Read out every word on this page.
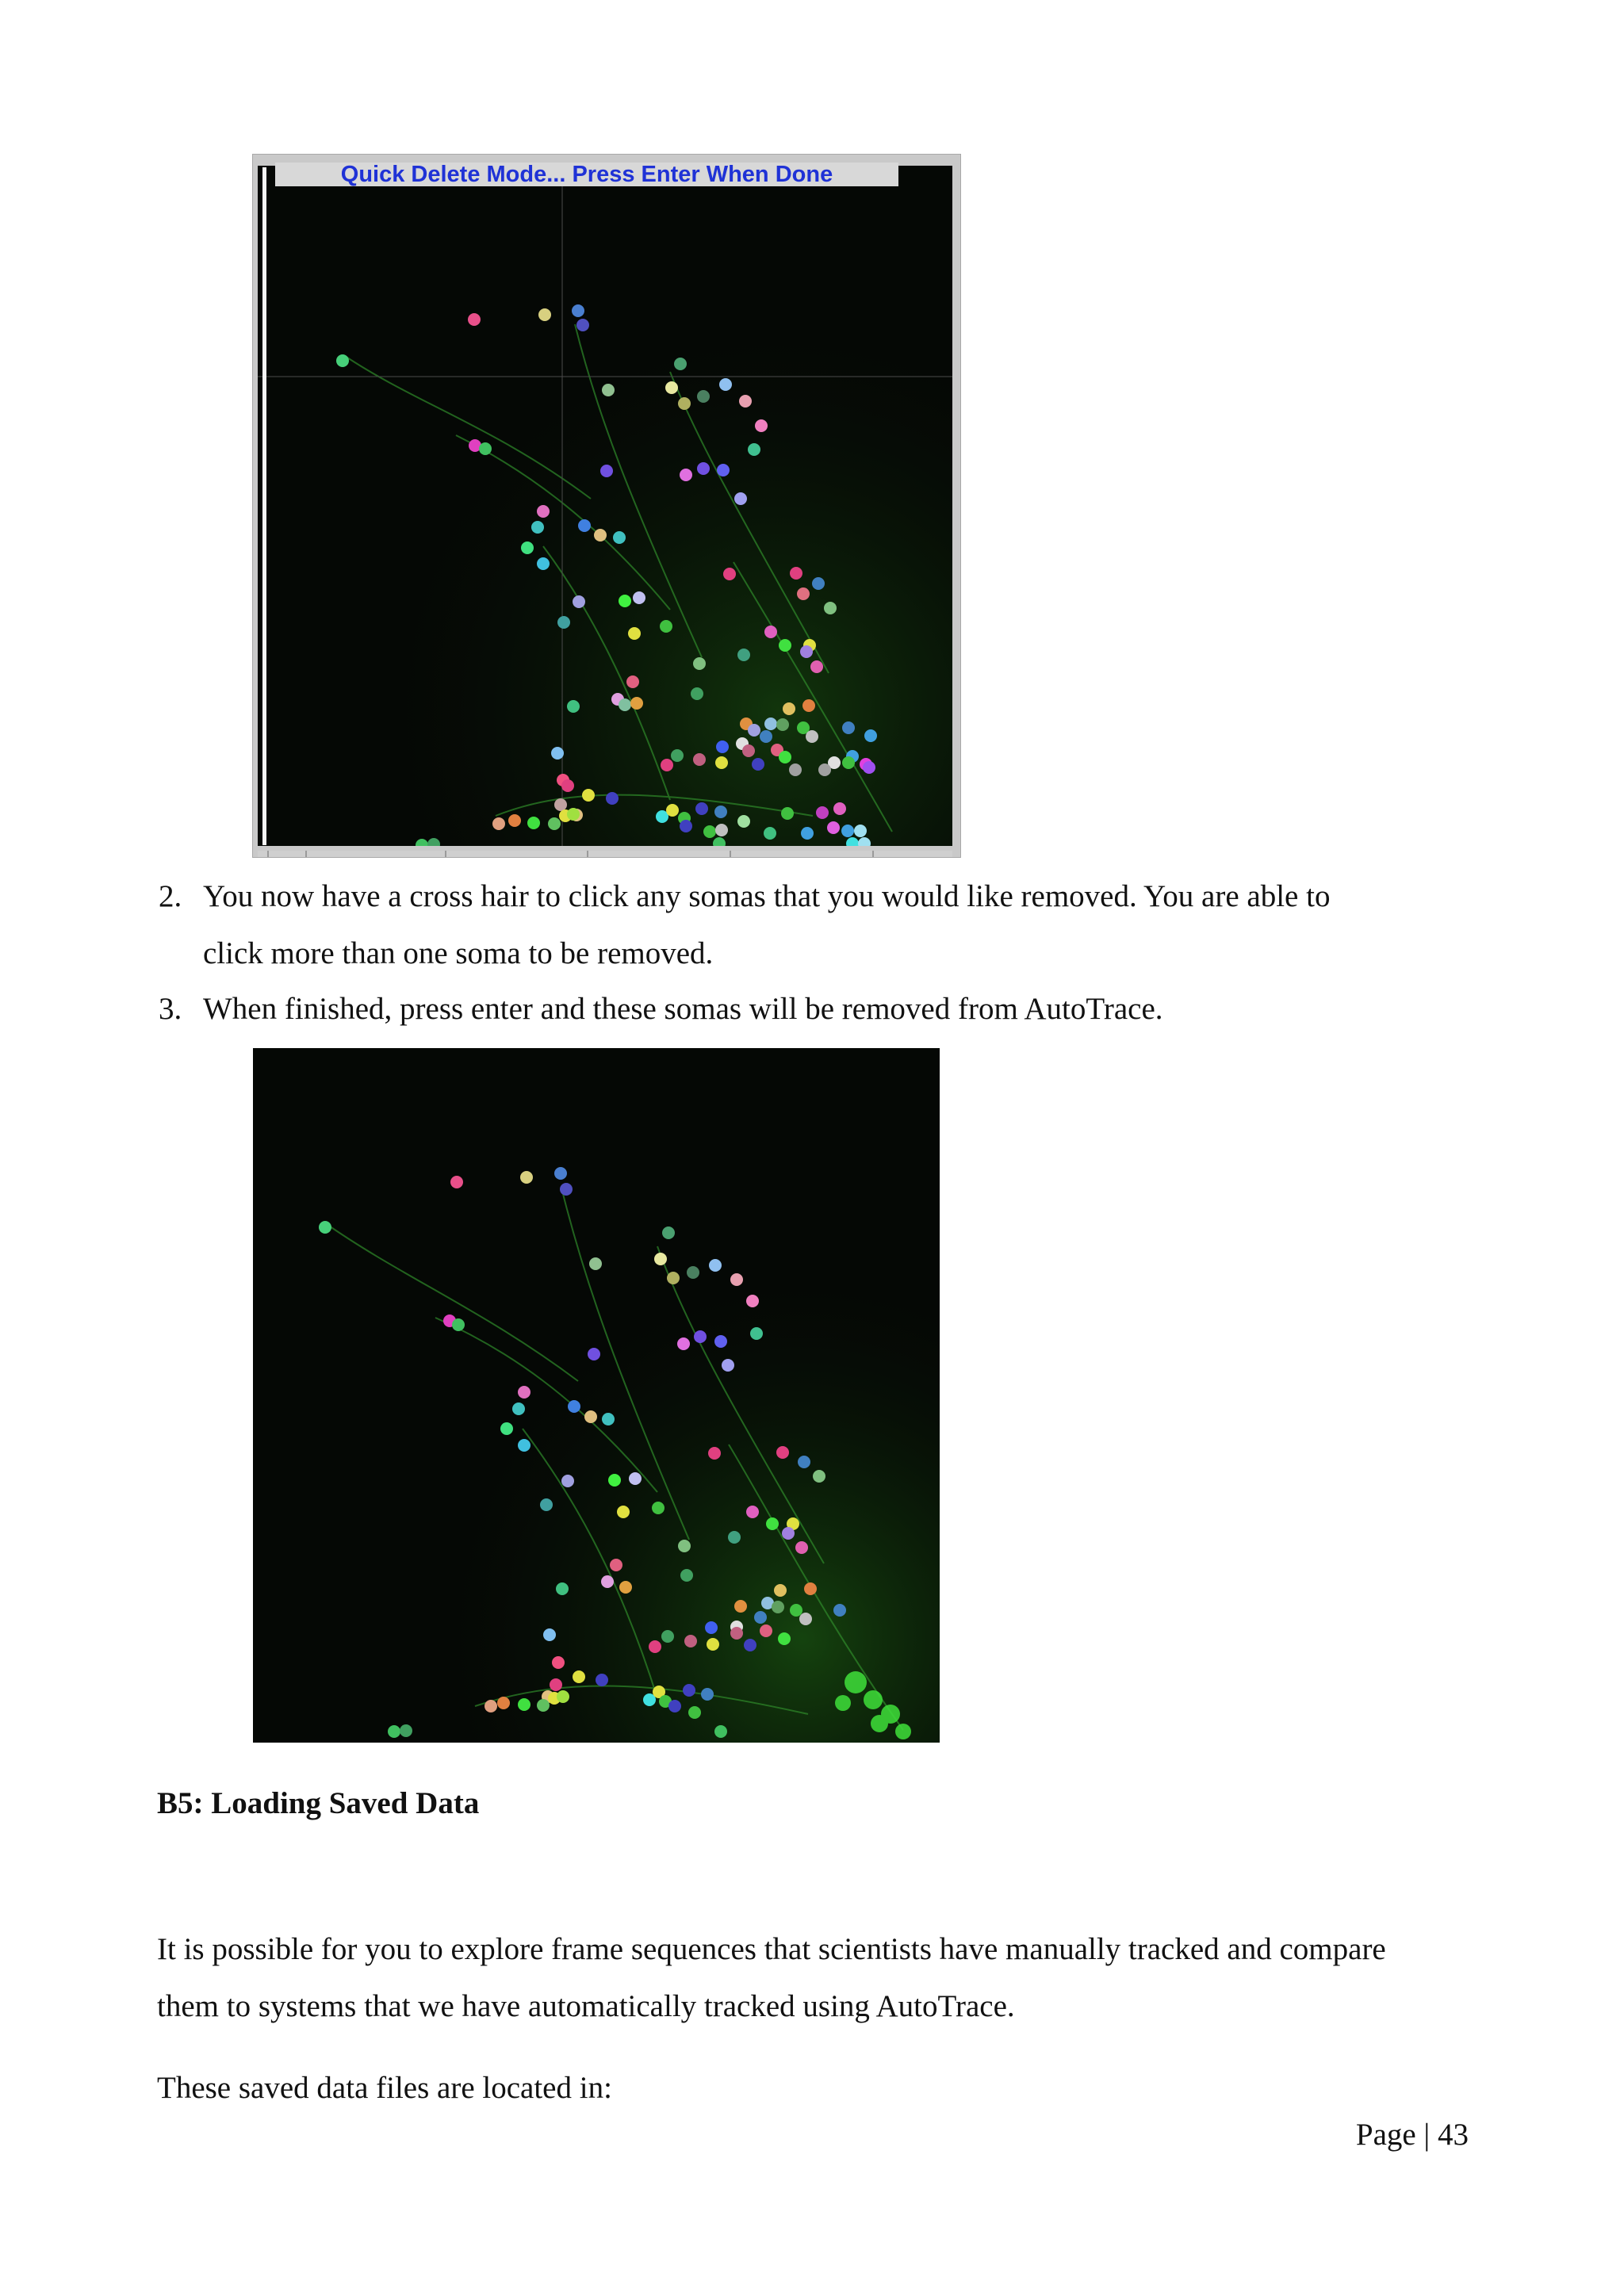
Quick Delete Mode... Press Enter When Done
2. You now have a cross hair to click any somas that you would like removed. You are able to
click more than one soma to be removed.
3. When finished, press enter and these somas will be removed from AutoTrace.
B5: Loading Saved Data

It is possible for you to explore frame sequences that scientists have manually tracked and compare

them to systems that we have automatically tracked using AutoTrace.

These saved data files are located in:

Page | 43
